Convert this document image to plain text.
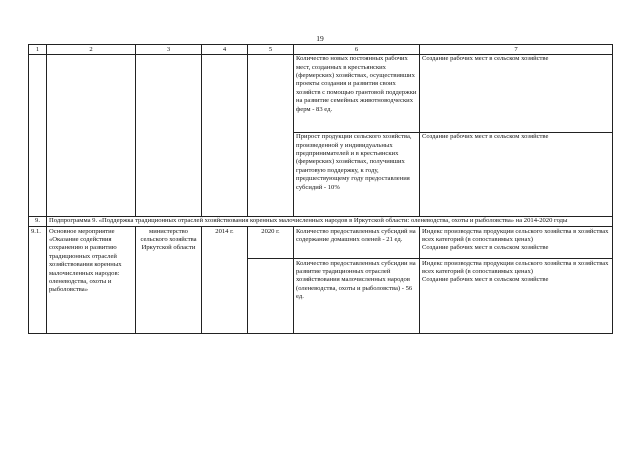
19
1	2	3	4	5	6	7
					Количество новых постоянных рабочих мест, созданных в крестьянских (фермерских) хозяйствах, осуществивших проекты создания и развития своих хозяйств с помощью грантовой поддержки на развитие семейных животноводческих ферм - 83 ед.	Создание рабочих мест в сельском хозяйстве
					Прирост продукции сельского хозяйства, произведенной у индивидуальных предпринимателей и в крестьянских (фермерских) хозяйствах, получивших грантовую поддержку, к году, предшествующему году предоставления субсидий - 10%	Создание рабочих мест в сельском хозяйстве
9.	Подпрограмма 9. «Поддержка традиционных отраслей хозяйствования коренных малочисленных народов в Иркутской области: оленеводства, охоты и рыболовства» на 2014-2020 годы					
9.1.	Основное мероприятие «Оказание содействия сохранению и развитию традиционных отраслей хозяйствования коренных малочисленных народов: оленеводства, охоты и рыболовства»	министерство сельского хозяйства Иркутской области	2014 г.	2020 г.	Количество предоставленных субсидий на содержание домашних оленей - 21 ед.	Индекс производства продукции сельского хозяйства в хозяйствах всех категорий (в сопоставимых ценах)
Создание рабочих мест в сельском хозяйстве
					Количество предоставленных субсидии на развитие традиционных отраслей хозяйствования малочисленных народов (оленеводства, охоты и рыболовства) - 56 ед.	Индекс производства продукции сельского хозяйства в хозяйствах всех категорий (в сопоставимых ценах)
Создание рабочих мест в сельском хозяйстве
